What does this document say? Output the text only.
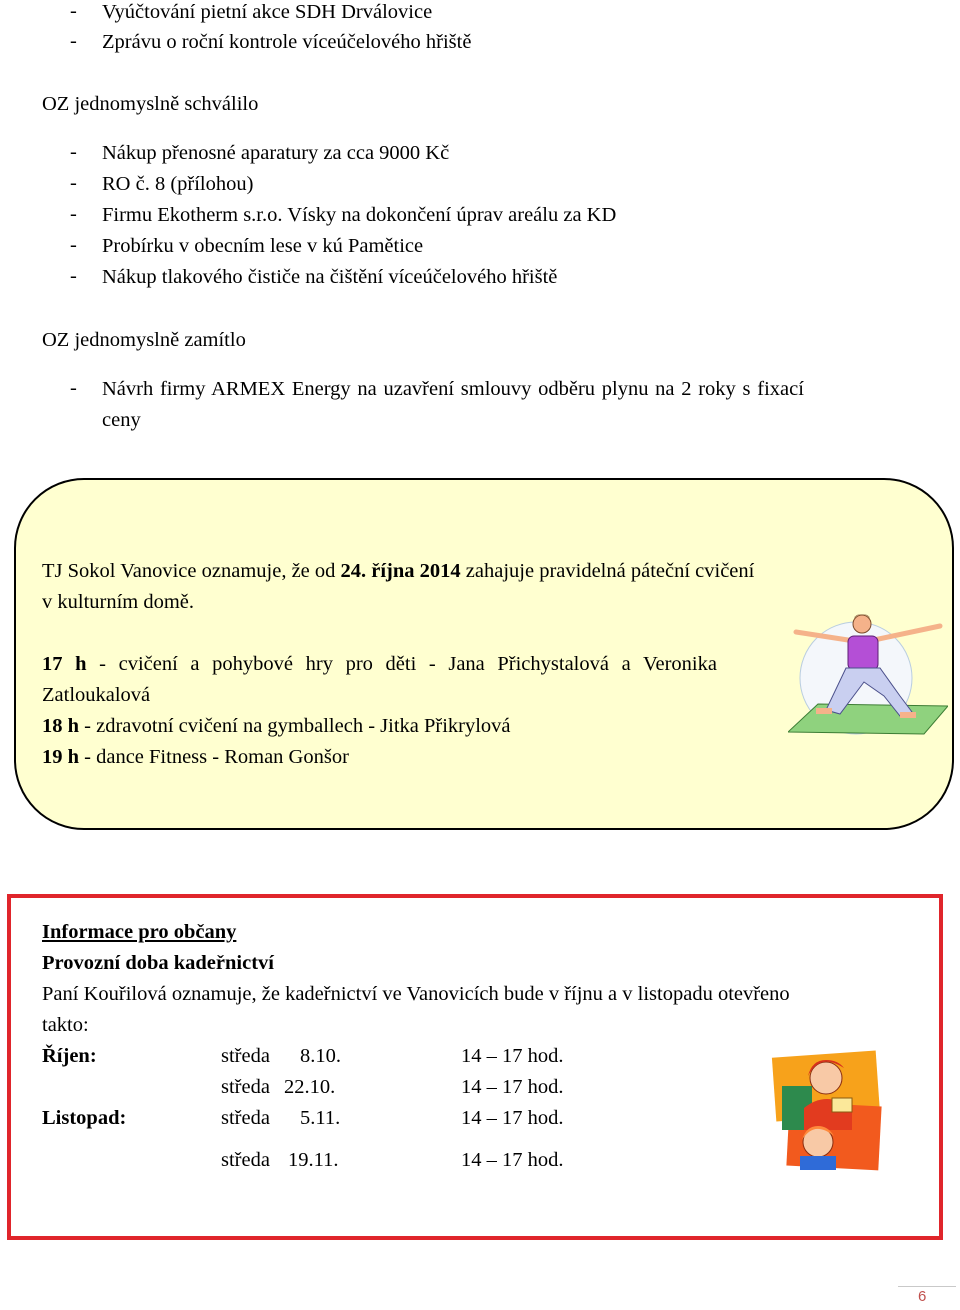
- Vyúčtování pietní akce SDH Drválovice
- Zprávu o roční kontrole víceúčelového hřiště
OZ jednomyslně schválilo
- Nákup přenosné aparatury za cca 9000 Kč
- RO č. 8 (přílohou)
- Firmu Ekotherm s.r.o. Vísky na dokončení úprav areálu za KD
- Probírku v obecním lese v kú Pamětice
- Nákup tlakového čističe na čištění víceúčelového hřiště
OZ jednomyslně zamítlo
- Návrh firmy ARMEX Energy na uzavření smlouvy odběru plynu na 2 roky s fixací
ceny
TJ Sokol Vanovice oznamuje, že od 24. října 2014 zahajuje pravidelná páteční cvičení
v kulturním domě.
17 h - cvičení a pohybové hry pro děti - Jana Přichystalová a Veronika
Zatloukalová
18 h - zdravotní cvičení na gymballech - Jitka Přikrylová
19 h - dance Fitness - Roman Gonšor
Informace pro občany
Provozní doba kadeřnictví
Paní Kouřilová oznamuje, že kadeřnictví ve Vanovicích bude v říjnu a v listopadu otevřeno
takto:
Říjen:	středa 8.10.	14 – 17 hod.
středa 22.10.	14 – 17 hod.
Listopad:	středa 5.11.	14 – 17 hod.
středa 19.11.	14 – 17 hod.
6
